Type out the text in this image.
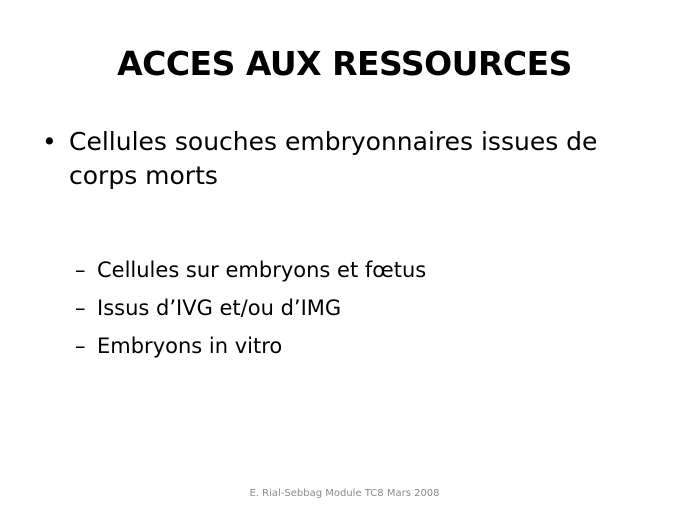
ACCES AUX RESSOURCES
• Cellules souches embryonnaires issues de
corps morts
– Cellules sur embryons et fœtus
– Issus d’IVG et/ou d’IMG
– Embryons in vitro
E. Rial-Sebbag Module TC8 Mars 2008
